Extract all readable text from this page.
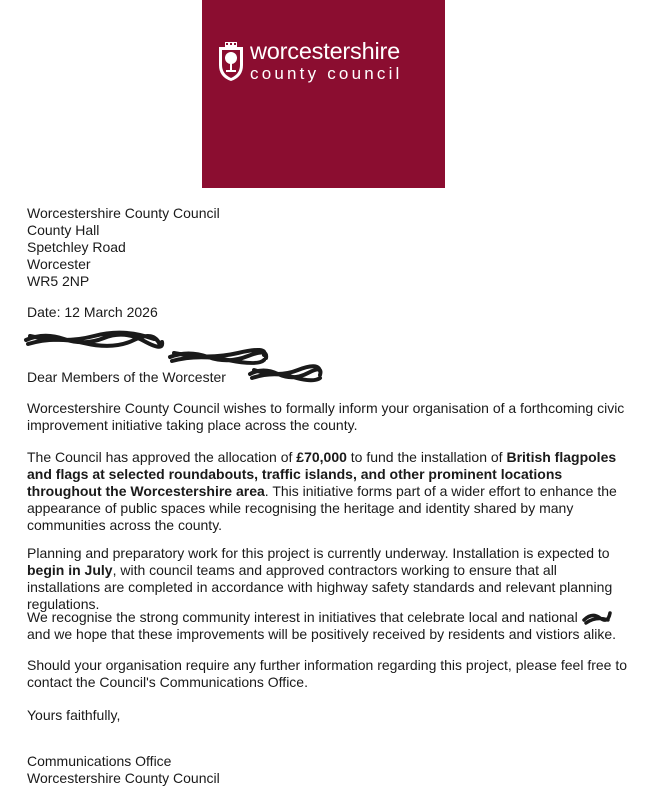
worcestershire
county council
Worcestershire County Council
County Hall
Spetchley Road
Worcester
WR5 2NP
Date: 12 March 2026
Dear Members of the Worcester

Worcestershire County Council wishes to formally inform your organisation of a forthcoming civic improvement initiative taking place across the county.

The Council has approved the allocation of £70,000 to fund the installation of British flagpoles and flags at selected roundabouts, traffic islands, and other prominent locations throughout the Worcestershire area. This initiative forms part of a wider effort to enhance the appearance of public spaces while recognising the heritage and identity shared by many communities across the county.

Planning and preparatory work for this project is currently underway. Installation is expected to begin in July, with council teams and approved contractors working to ensure that all installations are completed in accordance with highway safety standards and relevant planning regulations.

We recognise the strong community interest in initiatives that celebrate local and national
and we hope that these improvements will be positively received by residents and vistiors alike.

Should your organisation require any further information regarding this project, please feel free to contact the Council's Communications Office.

Yours faithfully,
Communications Office
Worcestershire County Council
